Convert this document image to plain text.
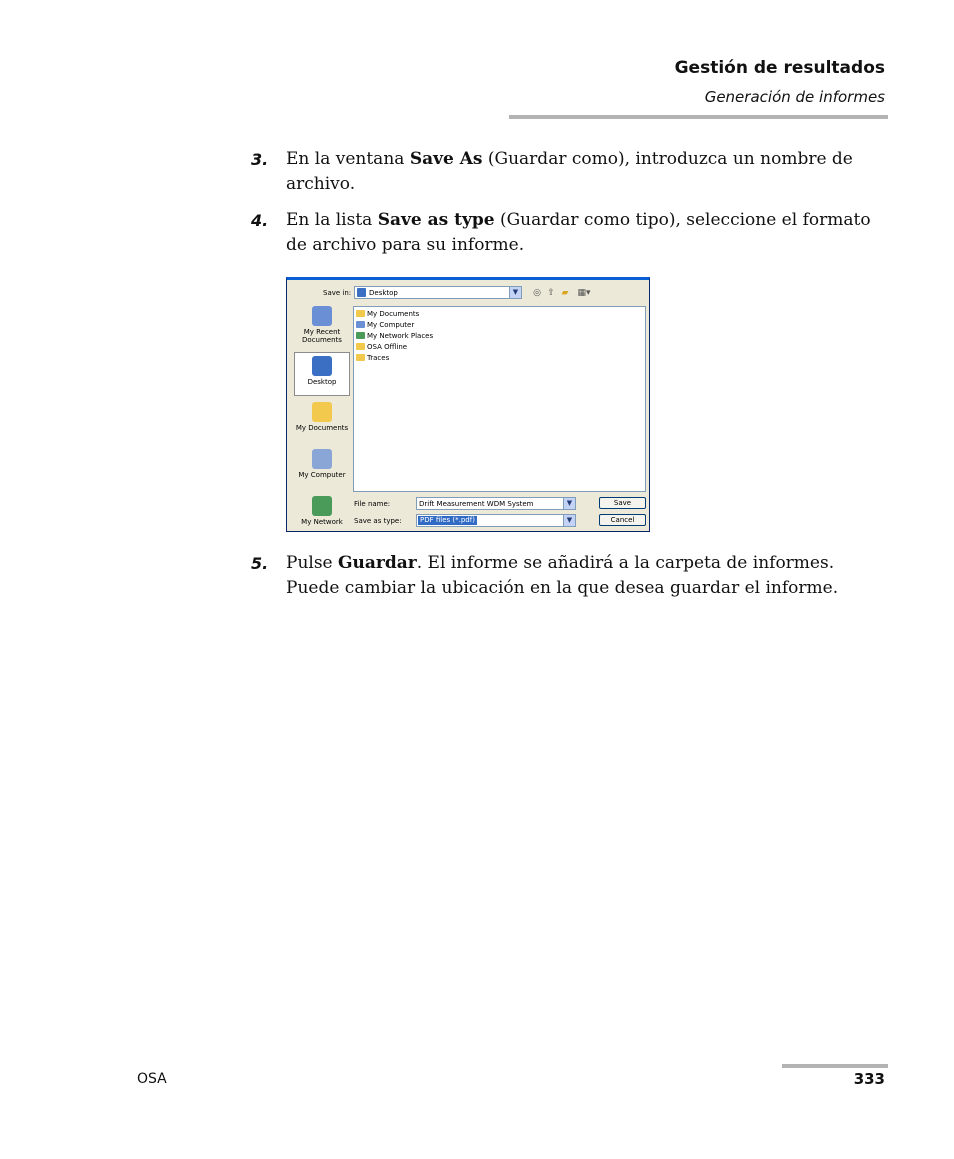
Gestión de resultados
Generación de informes
3. En la ventana Save As (Guardar como), introduzca un nombre de archivo.
4. En la lista Save as type (Guardar como tipo), seleccione el formato de archivo para su informe.
Save in:	Desktop	▼	◎ ⇧ ▰ ▦▾
My Recent Documents
Desktop
My Documents
My Computer
My Network
My Documents
My Computer
My Network Places
OSA Offline
Traces
File name:	Drift Measurement WDM System	▼
Save as type:	PDF files (*.pdf)	▼
Save
Cancel
5. Pulse Guardar. El informe se añadirá a la carpeta de informes. Puede cambiar la ubicación en la que desea guardar el informe.
OSA	333
